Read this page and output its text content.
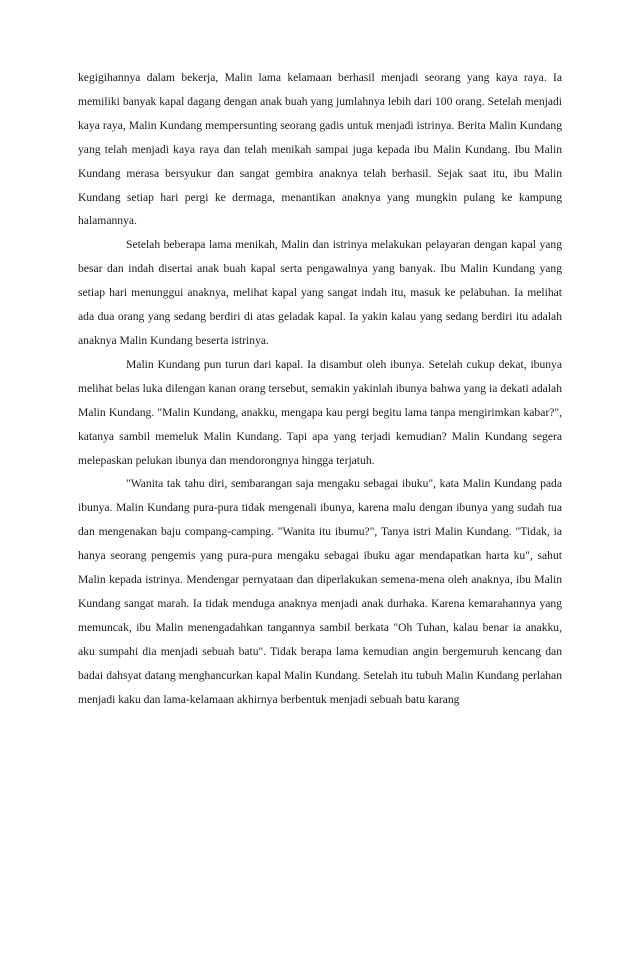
kegigihannya dalam bekerja, Malin lama kelamaan berhasil menjadi seorang yang kaya raya. Ia memiliki banyak kapal dagang dengan anak buah yang jumlahnya lebih dari 100 orang. Setelah menjadi kaya raya, Malin Kundang mempersunting seorang gadis untuk menjadi istrinya. Berita Malin Kundang yang telah menjadi kaya raya dan telah menikah sampai juga kepada ibu Malin Kundang. Ibu Malin Kundang merasa bersyukur dan sangat gembira anaknya telah berhasil. Sejak saat itu, ibu Malin Kundang setiap hari pergi ke dermaga, menantikan anaknya yang mungkin pulang ke kampung halamannya.

Setelah beberapa lama menikah, Malin dan istrinya melakukan pelayaran dengan kapal yang besar dan indah disertai anak buah kapal serta pengawalnya yang banyak. Ibu Malin Kundang yang setiap hari menunggui anaknya, melihat kapal yang sangat indah itu, masuk ke pelabuhan. Ia melihat ada dua orang yang sedang berdiri di atas geladak kapal. Ia yakin kalau yang sedang berdiri itu adalah anaknya Malin Kundang beserta istrinya.

Malin Kundang pun turun dari kapal. Ia disambut oleh ibunya. Setelah cukup dekat, ibunya melihat belas luka dilengan kanan orang tersebut, semakin yakinlah ibunya bahwa yang ia dekati adalah Malin Kundang. "Malin Kundang, anakku, mengapa kau pergi begitu lama tanpa mengirimkan kabar?", katanya sambil memeluk Malin Kundang. Tapi apa yang terjadi kemudian? Malin Kundang segera melepaskan pelukan ibunya dan mendorongnya hingga terjatuh.

"Wanita tak tahu diri, sembarangan saja mengaku sebagai ibuku", kata Malin Kundang pada ibunya. Malin Kundang pura-pura tidak mengenali ibunya, karena malu dengan ibunya yang sudah tua dan mengenakan baju compang-camping. "Wanita itu ibumu?", Tanya istri Malin Kundang. "Tidak, ia hanya seorang pengemis yang pura-pura mengaku sebagai ibuku agar mendapatkan harta ku", sahut Malin kepada istrinya. Mendengar pernyataan dan diperlakukan semena-mena oleh anaknya, ibu Malin Kundang sangat marah. Ia tidak menduga anaknya menjadi anak durhaka. Karena kemarahannya yang memuncak, ibu Malin menengadahkan tangannya sambil berkata "Oh Tuhan, kalau benar ia anakku, aku sumpahi dia menjadi sebuah batu". Tidak berapa lama kemudian angin bergemuruh kencang dan badai dahsyat datang menghancurkan kapal Malin Kundang. Setelah itu tubuh Malin Kundang perlahan menjadi kaku dan lama-kelamaan akhirnya berbentuk menjadi sebuah batu karang
